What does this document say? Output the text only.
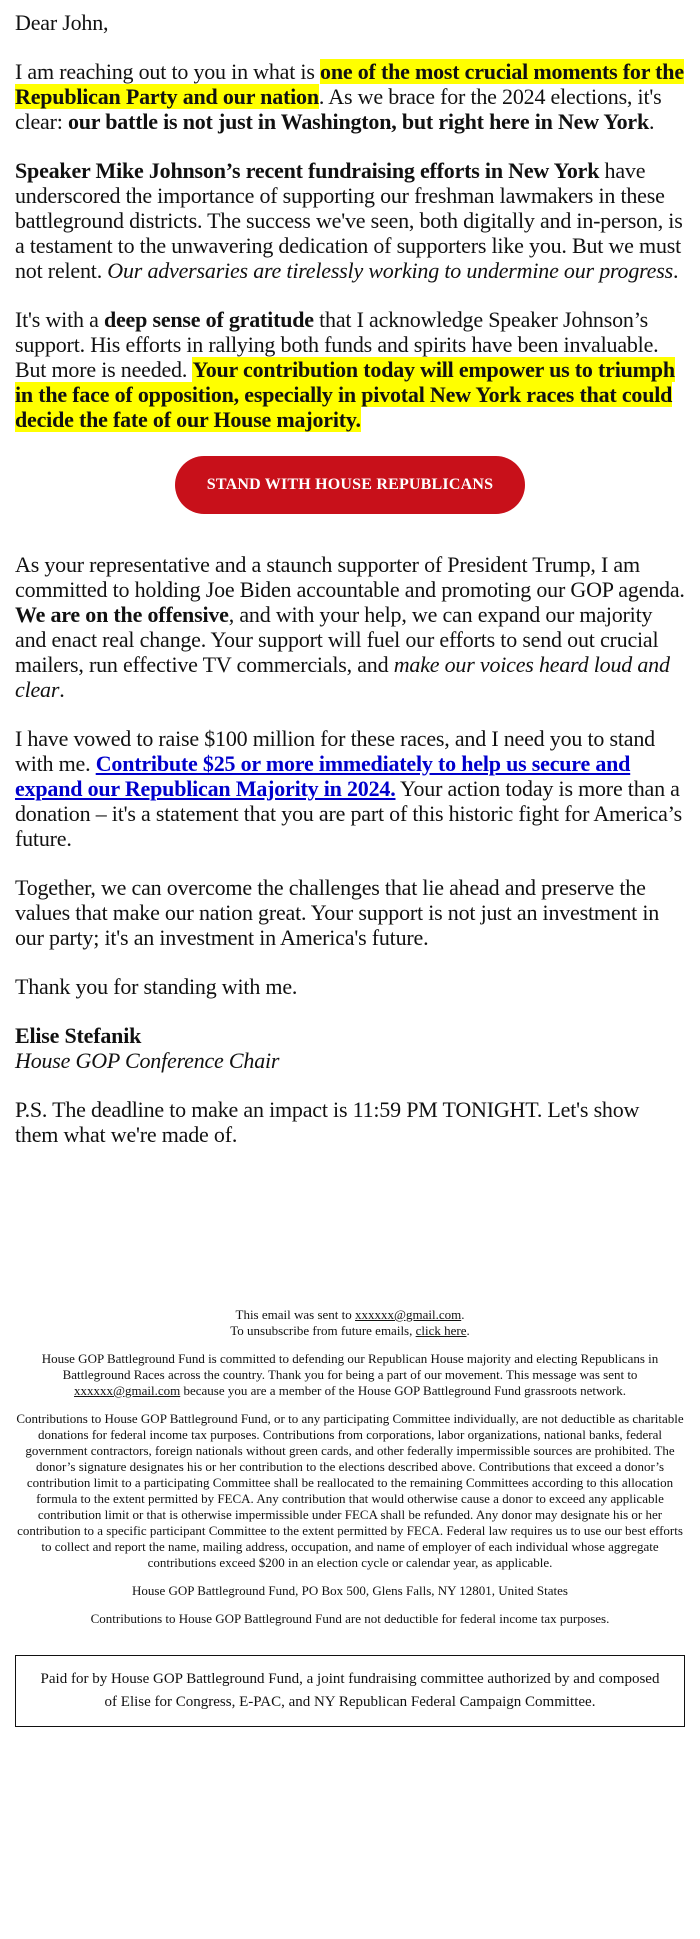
Dear John,

I am reaching out to you in what is one of the most crucial moments for the Republican Party and our nation. As we brace for the 2024 elections, it's clear: our battle is not just in Washington, but right here in New York.

Speaker Mike Johnson’s recent fundraising efforts in New York have underscored the importance of supporting our freshman lawmakers in these battleground districts. The success we've seen, both digitally and in-person, is a testament to the unwavering dedication of supporters like you. But we must not relent. Our adversaries are tirelessly working to undermine our progress.

It's with a deep sense of gratitude that I acknowledge Speaker Johnson’s support. His efforts in rallying both funds and spirits have been invaluable. But more is needed. Your contribution today will empower us to triumph in the face of opposition, especially in pivotal New York races that could decide the fate of our House majority.

STAND WITH HOUSE REPUBLICANS

As your representative and a staunch supporter of President Trump, I am committed to holding Joe Biden accountable and promoting our GOP agenda. We are on the offensive, and with your help, we can expand our majority and enact real change. Your support will fuel our efforts to send out crucial mailers, run effective TV commercials, and make our voices heard loud and clear.

I have vowed to raise $100 million for these races, and I need you to stand with me. Contribute $25 or more immediately to help us secure and expand our Republican Majority in 2024. Your action today is more than a donation – it's a statement that you are part of this historic fight for America’s future.

Together, we can overcome the challenges that lie ahead and preserve the values that make our nation great. Your support is not just an investment in our party; it's an investment in America's future.

Thank you for standing with me.

Elise Stefanik
House GOP Conference Chair

P.S. The deadline to make an impact is 11:59 PM TONIGHT. Let's show them what we're made of.

This email was sent to xxxxxx@gmail.com.
To unsubscribe from future emails, click here.

House GOP Battleground Fund is committed to defending our Republican House majority and electing Republicans in Battleground Races across the country. Thank you for being a part of our movement. This message was sent to xxxxxx@gmail.com because you are a member of the House GOP Battleground Fund grassroots network.

Contributions to House GOP Battleground Fund, or to any participating Committee individually, are not deductible as charitable donations for federal income tax purposes. Contributions from corporations, labor organizations, national banks, federal government contractors, foreign nationals without green cards, and other federally impermissible sources are prohibited. The donor’s signature designates his or her contribution to the elections described above. Contributions that exceed a donor’s contribution limit to a participating Committee shall be reallocated to the remaining Committees according to this allocation formula to the extent permitted by FECA. Any contribution that would otherwise cause a donor to exceed any applicable contribution limit or that is otherwise impermissible under FECA shall be refunded. Any donor may designate his or her contribution to a specific participant Committee to the extent permitted by FECA. Federal law requires us to use our best efforts to collect and report the name, mailing address, occupation, and name of employer of each individual whose aggregate contributions exceed $200 in an election cycle or calendar year, as applicable.

House GOP Battleground Fund, PO Box 500, Glens Falls, NY 12801, United States

Contributions to House GOP Battleground Fund are not deductible for federal income tax purposes.

Paid for by House GOP Battleground Fund, a joint fundraising committee authorized by and composed of Elise for Congress, E-PAC, and NY Republican Federal Campaign Committee.
